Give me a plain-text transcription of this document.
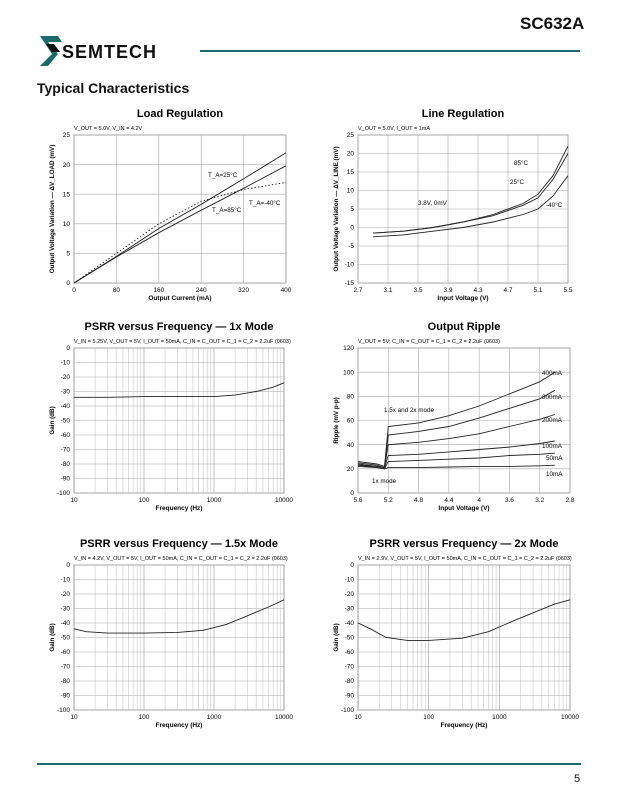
SC632A
SEMTECH
Typical Characteristics
Load Regulation
V_OUT = 5.0V, V_IN = 4.2V
0	80	160	240	320	400
0
5
10
15
20
25
Output Current (mA)
Output Voltage Variation — ΔV_LOAD (mV)	T_A=25°C
T_A=85°C
T_A=-40°C
Line Regulation
V_OUT = 5.0V, I_OUT = 1mA
2.7	3.1	3.5	3.9	4.3	4.7	5.1	5.5
-15
-10
-5
0
5
10
15
20
25
Input Voltage (V)
Output Voltage Variation — ΔV_LINE (mV)	85°C
25°C
-40°C
3.8V, 0mV
PSRR versus Frequency — 1x Mode
V_IN = 5.25V, V_OUT = 5V, I_OUT = 50mA, C_IN = C_OUT = C_1 = C_2 = 2.2uF (0603)
10	100	1000	10000
0
-10
-20
-30
-40
-50
-60
-70
-80
-90
-100
Frequency (Hz)
Gain (dB)
Output Ripple
V_OUT = 5V; C_IN = C_OUT = C_1 = C_2 = 2.2uF (0603)
5.6	5.2	4.8	4.4	4	3.6	3.2	2.8
0
20
40
60
80
100
120
Input Voltage (V)
Ripple (mV p-p)
400mA
300mA
200mA
100mA
50mA
10mA
1.5x and 2x mode
1x mode
PSRR versus Frequency — 1.5x Mode
V_IN = 4.2V, V_OUT = 5V, I_OUT = 50mA, C_IN = C_OUT = C_1 = C_2 = 2.2uF (0603)
10	100	1000	10000
0
-10
-20
-30
-40
-50
-60
-70
-80
-90
-100
Frequency (Hz)
Gain (dB)
PSRR versus Frequency — 2x Mode
V_IN = 2.9V, V_OUT = 5V, I_OUT = 50mA, C_IN = C_OUT = C_1 = C_2 = 2.2uF (0603)
10	100	1000	10000
0
-10
-20
-30
-40
-50
-60
-70
-80
-90
-100
Frequency (Hz)
Gain (dB)
5
